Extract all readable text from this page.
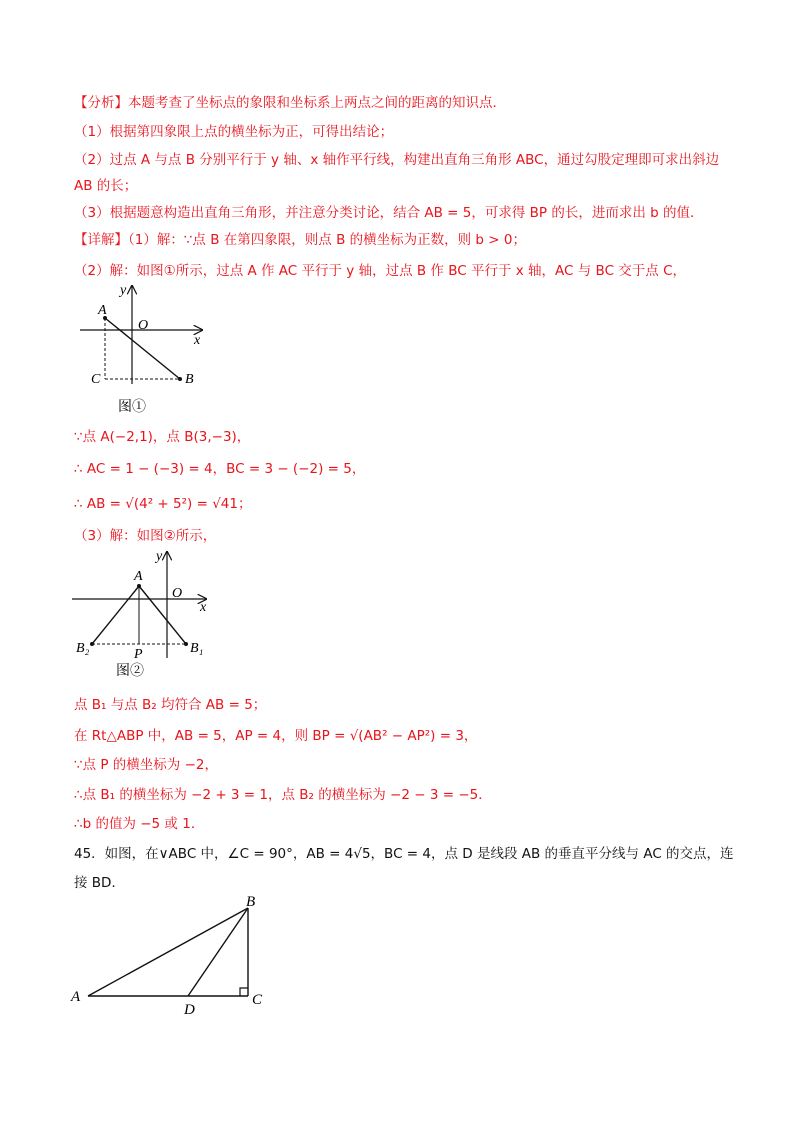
【分析】本题考查了坐标点的象限和坐标系上两点之间的距离的知识点．
（1）根据第四象限上点的横坐标为正，可得出结论；
（2）过点 A 与点 B 分别平行于 y 轴、x 轴作平行线，构建出直角三角形 ABC，通过勾股定理即可求出斜边
AB 的长；
（3）根据题意构造出直角三角形，并注意分类讨论，结合 AB = 5，可求得 BP 的长，进而求出 b 的值．
【详解】（1）解：∵点 B 在第四象限，则点 B 的横坐标为正数，则 b > 0；
（2）解：如图①所示，过点 A 作 AC 平行于 y 轴，过点 B 作 BC 平行于 x 轴，AC 与 BC 交于点 C，
y
x
A
O
C	B
图①
∵点 A(−2,1)，点 B(3,−3)，
∴ AC = 1 − (−3) = 4，BC = 3 − (−2) = 5，
∴ AB = √(4² + 5²) = √41；
（3）解：如图②所示，
y
x
A
O
B₂	B₁
P
图②
点 B₁ 与点 B₂ 均符合 AB = 5；
在 Rt△ABP 中，AB = 5，AP = 4，则 BP = √(AB² − AP²) = 3，
∵点 P 的横坐标为 −2，
∴点 B₁ 的横坐标为 −2 + 3 = 1，点 B₂ 的横坐标为 −2 − 3 = −5．
∴b 的值为 −5 或 1．
45．如图，在∨ABC 中，∠C = 90°，AB = 4√5，BC = 4，点 D 是线段 AB 的垂直平分线与 AC 的交点，连
接 BD．
A
B
C
D
